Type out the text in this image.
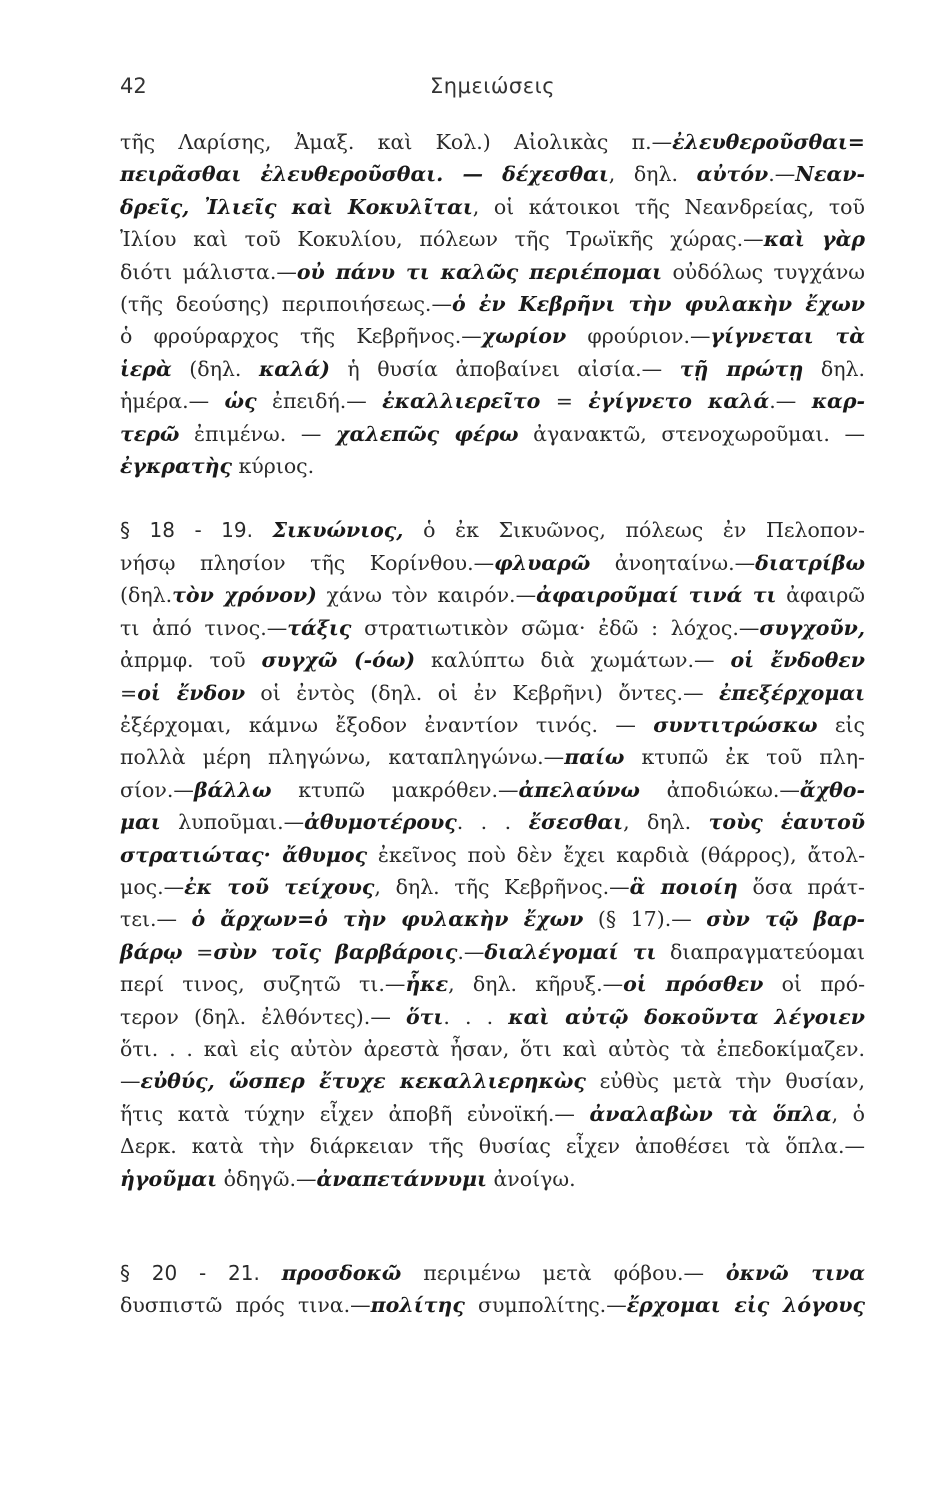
42	Σημειώσεις

τῆς Λαρίσης, Ἀμαξ. καὶ Κολ.) Αἰολικὰς π.—ἐλευθεροῦσθαι=

πειρᾶσθαι ἐλευθεροῦσθαι. — δέχεσθαι, δηλ. αὐτόν.—Νεαν-

δρεῖς, Ἰλιεῖς καὶ Κοκυλῖται, οἱ κάτοικοι τῆς Νεανδρείας, τοῦ

Ἰλίου καὶ τοῦ Κοκυλίου, πόλεων τῆς Τρωϊκῆς χώρας.—καὶ γὰρ

διότι μάλιστα.—οὐ πάνυ τι καλῶς περιέπομαι οὐδόλως τυγχάνω

(τῆς δεούσης) περιποιήσεως.—ὁ ἐν Κεβρῆνι τὴν φυλακὴν ἔχων

ὁ φρούραρχος τῆς Κεβρῆνος.—χωρίον φρούριον.—γίγνεται τὰ

ἱερὰ (δηλ. καλά) ἡ θυσία ἀποβαίνει αἰσία.— τῇ πρώτῃ δηλ.

ἡμέρα.— ὡς ἐπειδή.— ἐκαλλιερεῖτο = ἐγίγνετο καλά.— καρ-

τερῶ ἐπιμένω. — χαλεπῶς φέρω ἀγανακτῶ, στενοχωροῦμαι. —

ἐγκρατὴς κύριος.

§ 18 - 19. Σικυώνιος, ὁ ἐκ Σικυῶνος, πόλεως ἐν Πελοπον-

νήσῳ πλησίον τῆς Κορίνθου.—φλυαρῶ ἀνοηταίνω.—διατρίβω

(δηλ.τὸν χρόνον) χάνω τὸν καιρόν.—ἀφαιροῦμαί τινά τι ἀφαιρῶ

τι ἀπό τινος.—τάξις στρατιωτικὸν σῶμα· ἐδῶ : λόχος.—συγχοῦν,

ἀπρμφ. τοῦ συγχῶ (-όω) καλύπτω διὰ χωμάτων.— οἱ ἔνδοθεν

=οἱ ἔνδον οἱ ἐντὸς (δηλ. οἱ ἐν Κεβρῆνι) ὄντες.— ἐπεξέρχομαι

ἐξέρχομαι, κάμνω ἔξοδον ἐναντίον τινός. — συντιτρώσκω εἰς

πολλὰ μέρη πληγώνω, καταπληγώνω.—παίω κτυπῶ ἐκ τοῦ πλη-

σίον.—βάλλω κτυπῶ μακρόθεν.—ἀπελαύνω ἀποδιώκω.—ἄχθο-

μαι λυποῦμαι.—ἀθυμοτέρους. . . ἔσεσθαι, δηλ. τοὺς ἑαυτοῦ

στρατιώτας· ἄθυμος ἐκεῖνος ποὺ δὲν ἔχει καρδιὰ (θάρρος), ἄτολ-

μος.—ἐκ τοῦ τείχους, δηλ. τῆς Κεβρῆνος.—ἃ ποιοίη ὅσα πράτ-

τει.— ὁ ἄρχων=ὁ τὴν φυλακὴν ἔχων (§ 17).— σὺν τῷ βαρ-

βάρῳ =σὺν τοῖς βαρβάροις.—διαλέγομαί τι διαπραγματεύομαι

περί τινος, συζητῶ τι.—ἧκε, δηλ. κῆρυξ.—οἱ πρόσθεν οἱ πρό-

τερον (δηλ. ἐλθόντες).— ὅτι. . . καὶ αὐτῷ δοκοῦντα λέγοιεν

ὅτι. . . καὶ εἰς αὐτὸν ἀρεστὰ ἦσαν, ὅτι καὶ αὐτὸς τὰ ἐπεδοκίμαζεν.

—εὐθύς, ὥσπερ ἔτυχε κεκαλλιερηκὼς εὐθὺς μετὰ τὴν θυσίαν,

ἥτις κατὰ τύχην εἶχεν ἀποβῆ εὐνοϊκή.— ἀναλαβὼν τὰ ὅπλα, ὁ

Δερκ. κατὰ τὴν διάρκειαν τῆς θυσίας εἶχεν ἀποθέσει τὰ ὅπλα.—

ἡγοῦμαι ὁδηγῶ.—ἀναπετάννυμι ἀνοίγω.

§ 20 - 21. προσδοκῶ περιμένω μετὰ φόβου.— ὀκνῶ τινα

δυσπιστῶ πρός τινα.—πολίτης συμπολίτης.—ἔρχομαι εἰς λόγους
